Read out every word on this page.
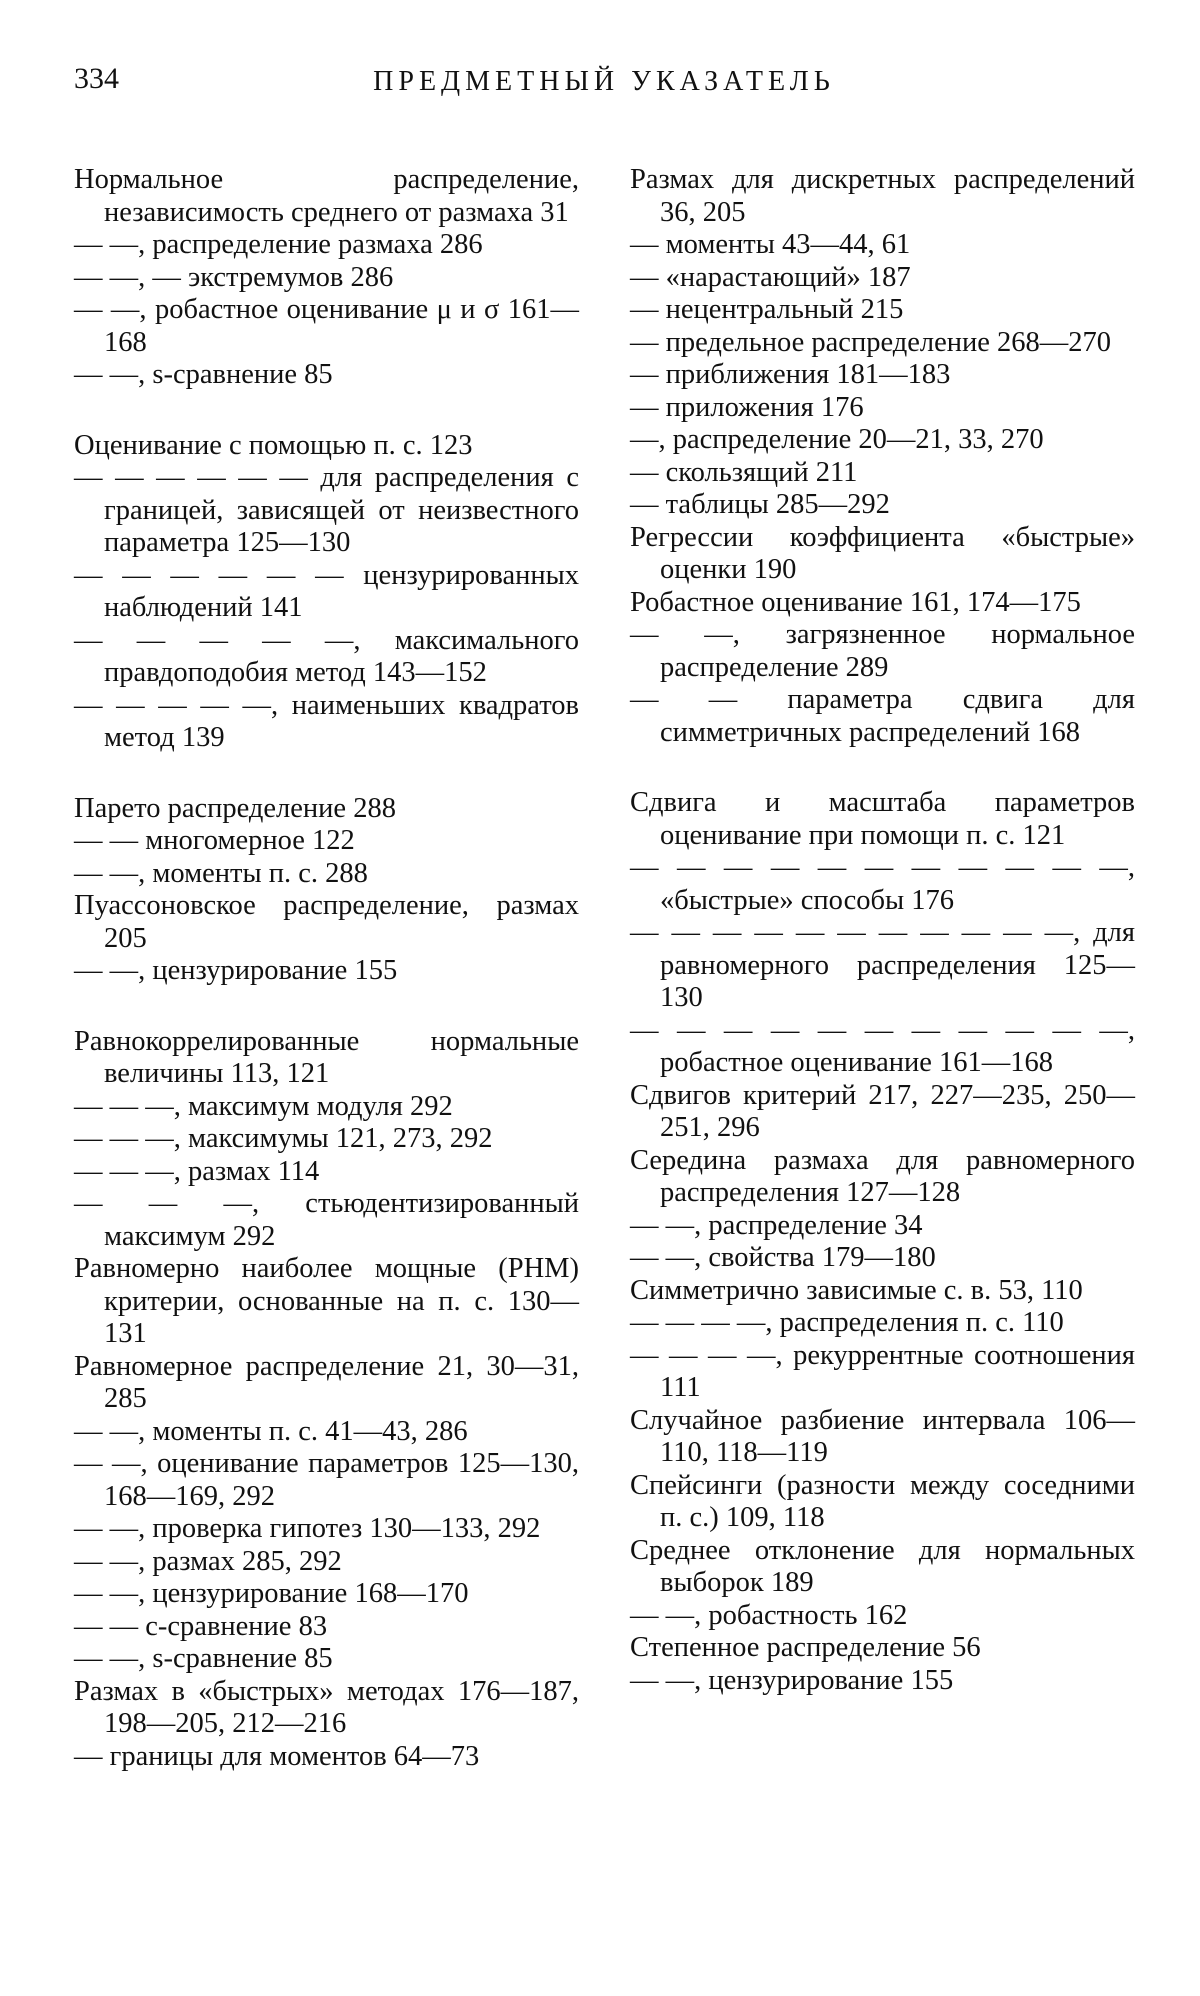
334	ПРЕДМЕТНЫЙ УКАЗАТЕЛЬ
Нормальное распределение, независимость среднего от размаха 31
— —, распределение размаха 286
— —, — экстремумов 286
— —, робастное оценивание μ и σ 161—168
— —, s-сравнение 85
Оценивание с помощью п. с. 123
— — — — — — для распределения с границей, зависящей от неизвестного параметра 125—130
— — — — — — цензурированных наблюдений 141
— — — — —, максимального правдоподобия метод 143—152
— — — — —, наименьших квадратов метод 139
Парето распределение 288
— — многомерное 122
— —, моменты п. с. 288
Пуассоновское распределение, размах 205
— —, цензурирование 155
Равнокоррелированные нормальные величины 113, 121
— — —, максимум модуля 292
— — —, максимумы 121, 273, 292
— — —, размах 114
— — —, стьюдентизированный максимум 292
Равномерно наиболее мощные (РНМ) критерии, основанные на п. с. 130—131
Равномерное распределение 21, 30—31, 285
— —, моменты п. с. 41—43, 286
— —, оценивание параметров 125—130, 168—169, 292
— —, проверка гипотез 130—133, 292
— —, размах 285, 292
— —, цензурирование 168—170
— — c-сравнение 83
— —, s-сравнение 85
Размах в «быстрых» методах 176—187, 198—205, 212—216
— границы для моментов 64—73
Размах для дискретных распределений 36, 205
— моменты 43—44, 61
— «нарастающий» 187
— нецентральный 215
— предельное распределение 268—270
— приближения 181—183
— приложения 176
—, распределение 20—21, 33, 270
— скользящий 211
— таблицы 285—292
Регрессии коэффициента «быстрые» оценки 190
Робастное оценивание 161, 174—175
— —, загрязненное нормальное распределение 289
— — параметра сдвига для симметричных распределений 168
Сдвига и масштаба параметров оценивание при помощи п. с. 121
— — — — — — — — — — —, «быстрые» способы 176
— — — — — — — — — — —, для равномерного распределения 125—130
— — — — — — — — — — —, робастное оценивание 161—168
Сдвигов критерий 217, 227—235, 250—251, 296
Середина размаха для равномерного распределения 127—128
— —, распределение 34
— —, свойства 179—180
Симметрично зависимые с. в. 53, 110
— — — —, распределения п. с. 110
— — — —, рекуррентные соотношения 111
Случайное разбиение интервала 106—110, 118—119
Спейсинги (разности между соседними п. с.) 109, 118
Среднее отклонение для нормальных выборок 189
— —, робастность 162
Степенное распределение 56
— —, цензурирование 155
